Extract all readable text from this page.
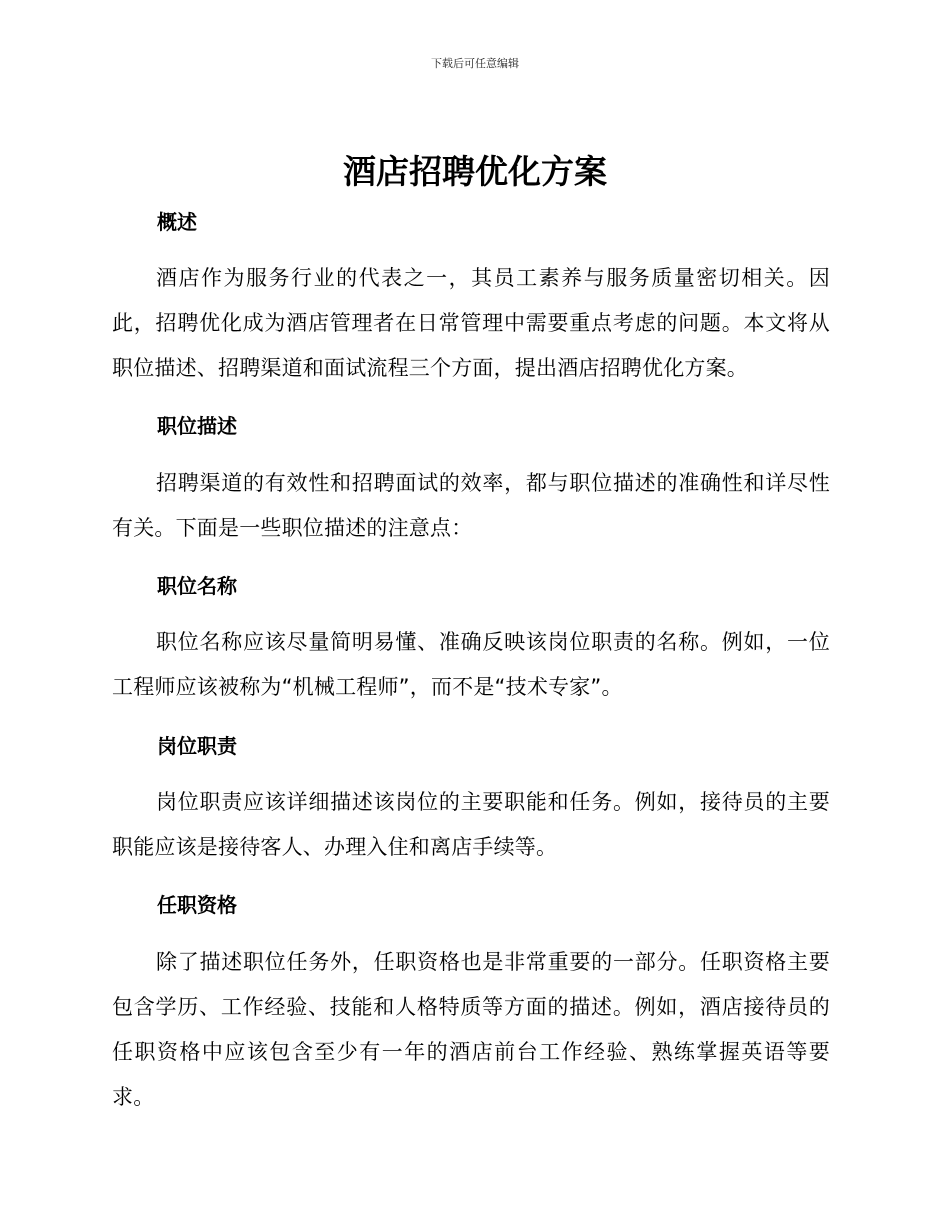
下载后可任意编辑
酒店招聘优化方案
概述

酒店作为服务行业的代表之一，其员工素养与服务质量密切相关。因此，招聘优化成为酒店管理者在日常管理中需要重点考虑的问题。本文将从职位描述、招聘渠道和面试流程三个方面，提出酒店招聘优化方案。

职位描述

招聘渠道的有效性和招聘面试的效率，都与职位描述的准确性和详尽性有关。下面是一些职位描述的注意点：

职位名称

职位名称应该尽量简明易懂、准确反映该岗位职责的名称。例如，一位工程师应该被称为“机械工程师”，而不是“技术专家”。

岗位职责

岗位职责应该详细描述该岗位的主要职能和任务。例如，接待员的主要职能应该是接待客人、办理入住和离店手续等。

任职资格

除了描述职位任务外，任职资格也是非常重要的一部分。任职资格主要包含学历、工作经验、技能和人格特质等方面的描述。例如，酒店接待员的任职资格中应该包含至少有一年的酒店前台工作经验、熟练掌握英语等要求。
